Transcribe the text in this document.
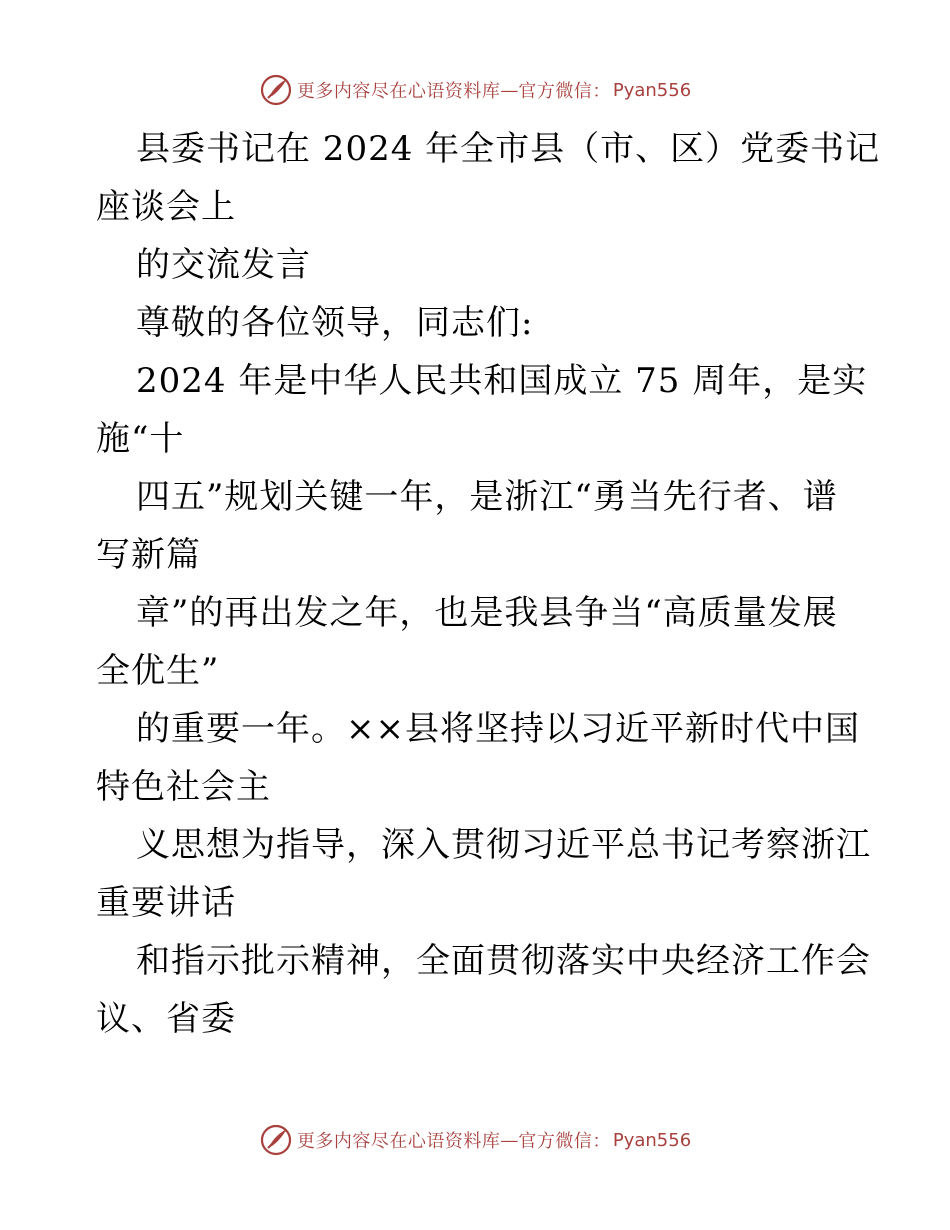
更多内容尽在心语资料库 — 官方微信： Pyan556
县委书记在 2024 年全市县（市、区）党委书记
座谈会上
的交流发言
尊敬的各位领导，同志们:
2024 年是中华人民共和国成立 75 周年，是实
施“十
四五”规划关键一年，是浙江“勇当先行者、谱
写新篇
章”的再出发之年，也是我县争当“高质量发展
全优生”
的重要一年。××县将坚持以习近平新时代中国
特色社会主
义思想为指导，深入贯彻习近平总书记考察浙江
重要讲话
和指示批示精神，全面贯彻落实中央经济工作会
议、省委
更多内容尽在心语资料库 — 官方微信： Pyan556
